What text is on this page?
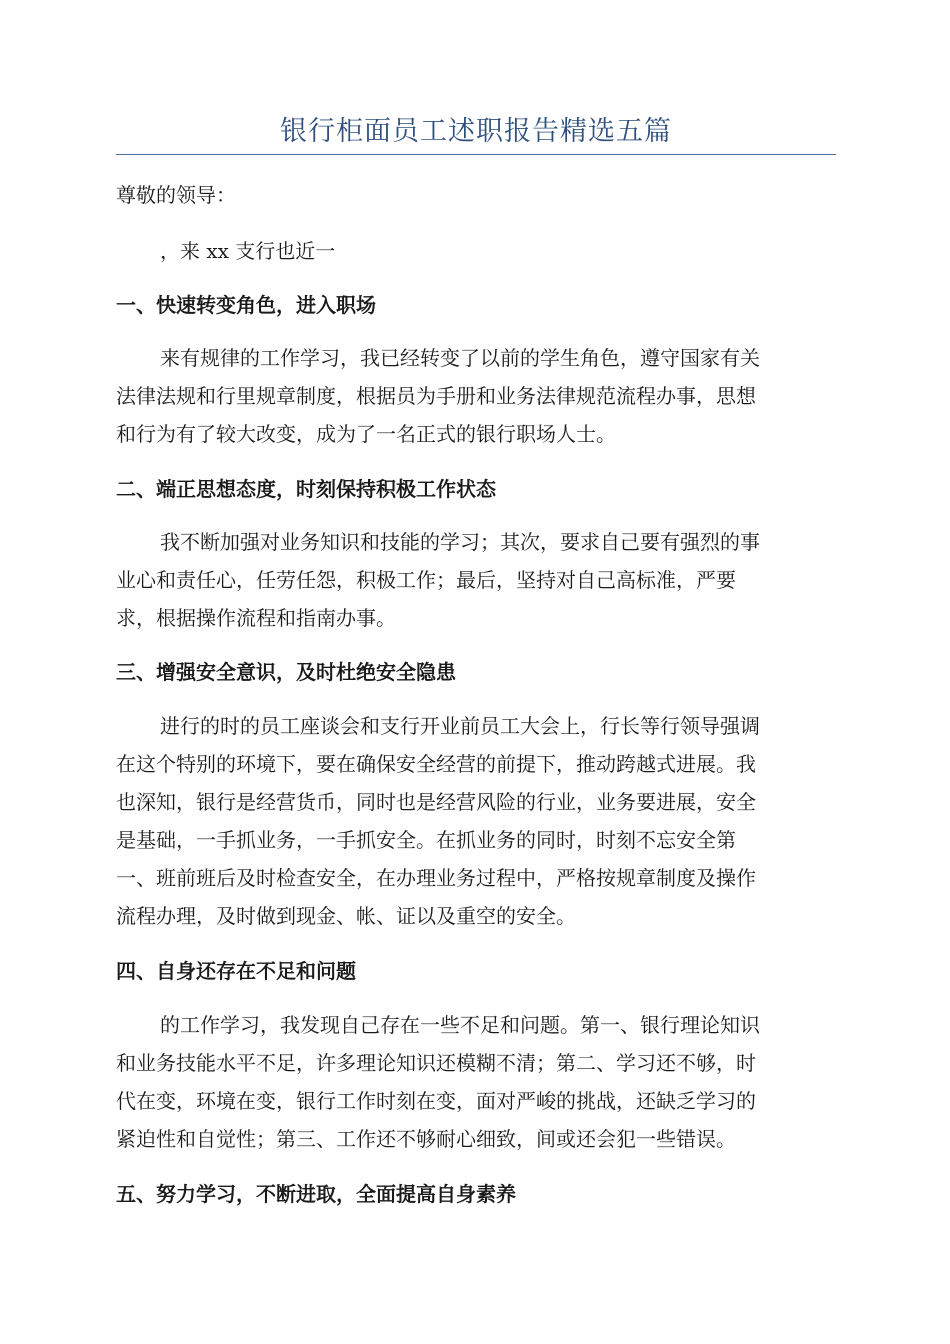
银行柜面员工述职报告精选五篇
尊敬的领导：
，来 xx 支行也近一
一、快速转变角色，进入职场
来有规律的工作学习，我已经转变了以前的学生角色，遵守国家有关
法律法规和行里规章制度，根据员为手册和业务法律规范流程办事，思想
和行为有了较大改变，成为了一名正式的银行职场人士。
二、端正思想态度，时刻保持积极工作状态
我不断加强对业务知识和技能的学习；其次，要求自己要有强烈的事
业心和责任心，任劳任怨，积极工作；最后，坚持对自己高标准，严要
求，根据操作流程和指南办事。
三、增强安全意识，及时杜绝安全隐患
进行的时的员工座谈会和支行开业前员工大会上，行长等行领导强调
在这个特别的环境下，要在确保安全经营的前提下，推动跨越式进展。我
也深知，银行是经营货币，同时也是经营风险的行业，业务要进展，安全
是基础，一手抓业务，一手抓安全。在抓业务的同时，时刻不忘安全第
一、班前班后及时检查安全，在办理业务过程中，严格按规章制度及操作
流程办理，及时做到现金、帐、证以及重空的安全。
四、自身还存在不足和问题
的工作学习，我发现自己存在一些不足和问题。第一、银行理论知识
和业务技能水平不足，许多理论知识还模糊不清；第二、学习还不够，时
代在变，环境在变，银行工作时刻在变，面对严峻的挑战，还缺乏学习的
紧迫性和自觉性；第三、工作还不够耐心细致，间或还会犯一些错误。
五、努力学习，不断进取，全面提高自身素养
